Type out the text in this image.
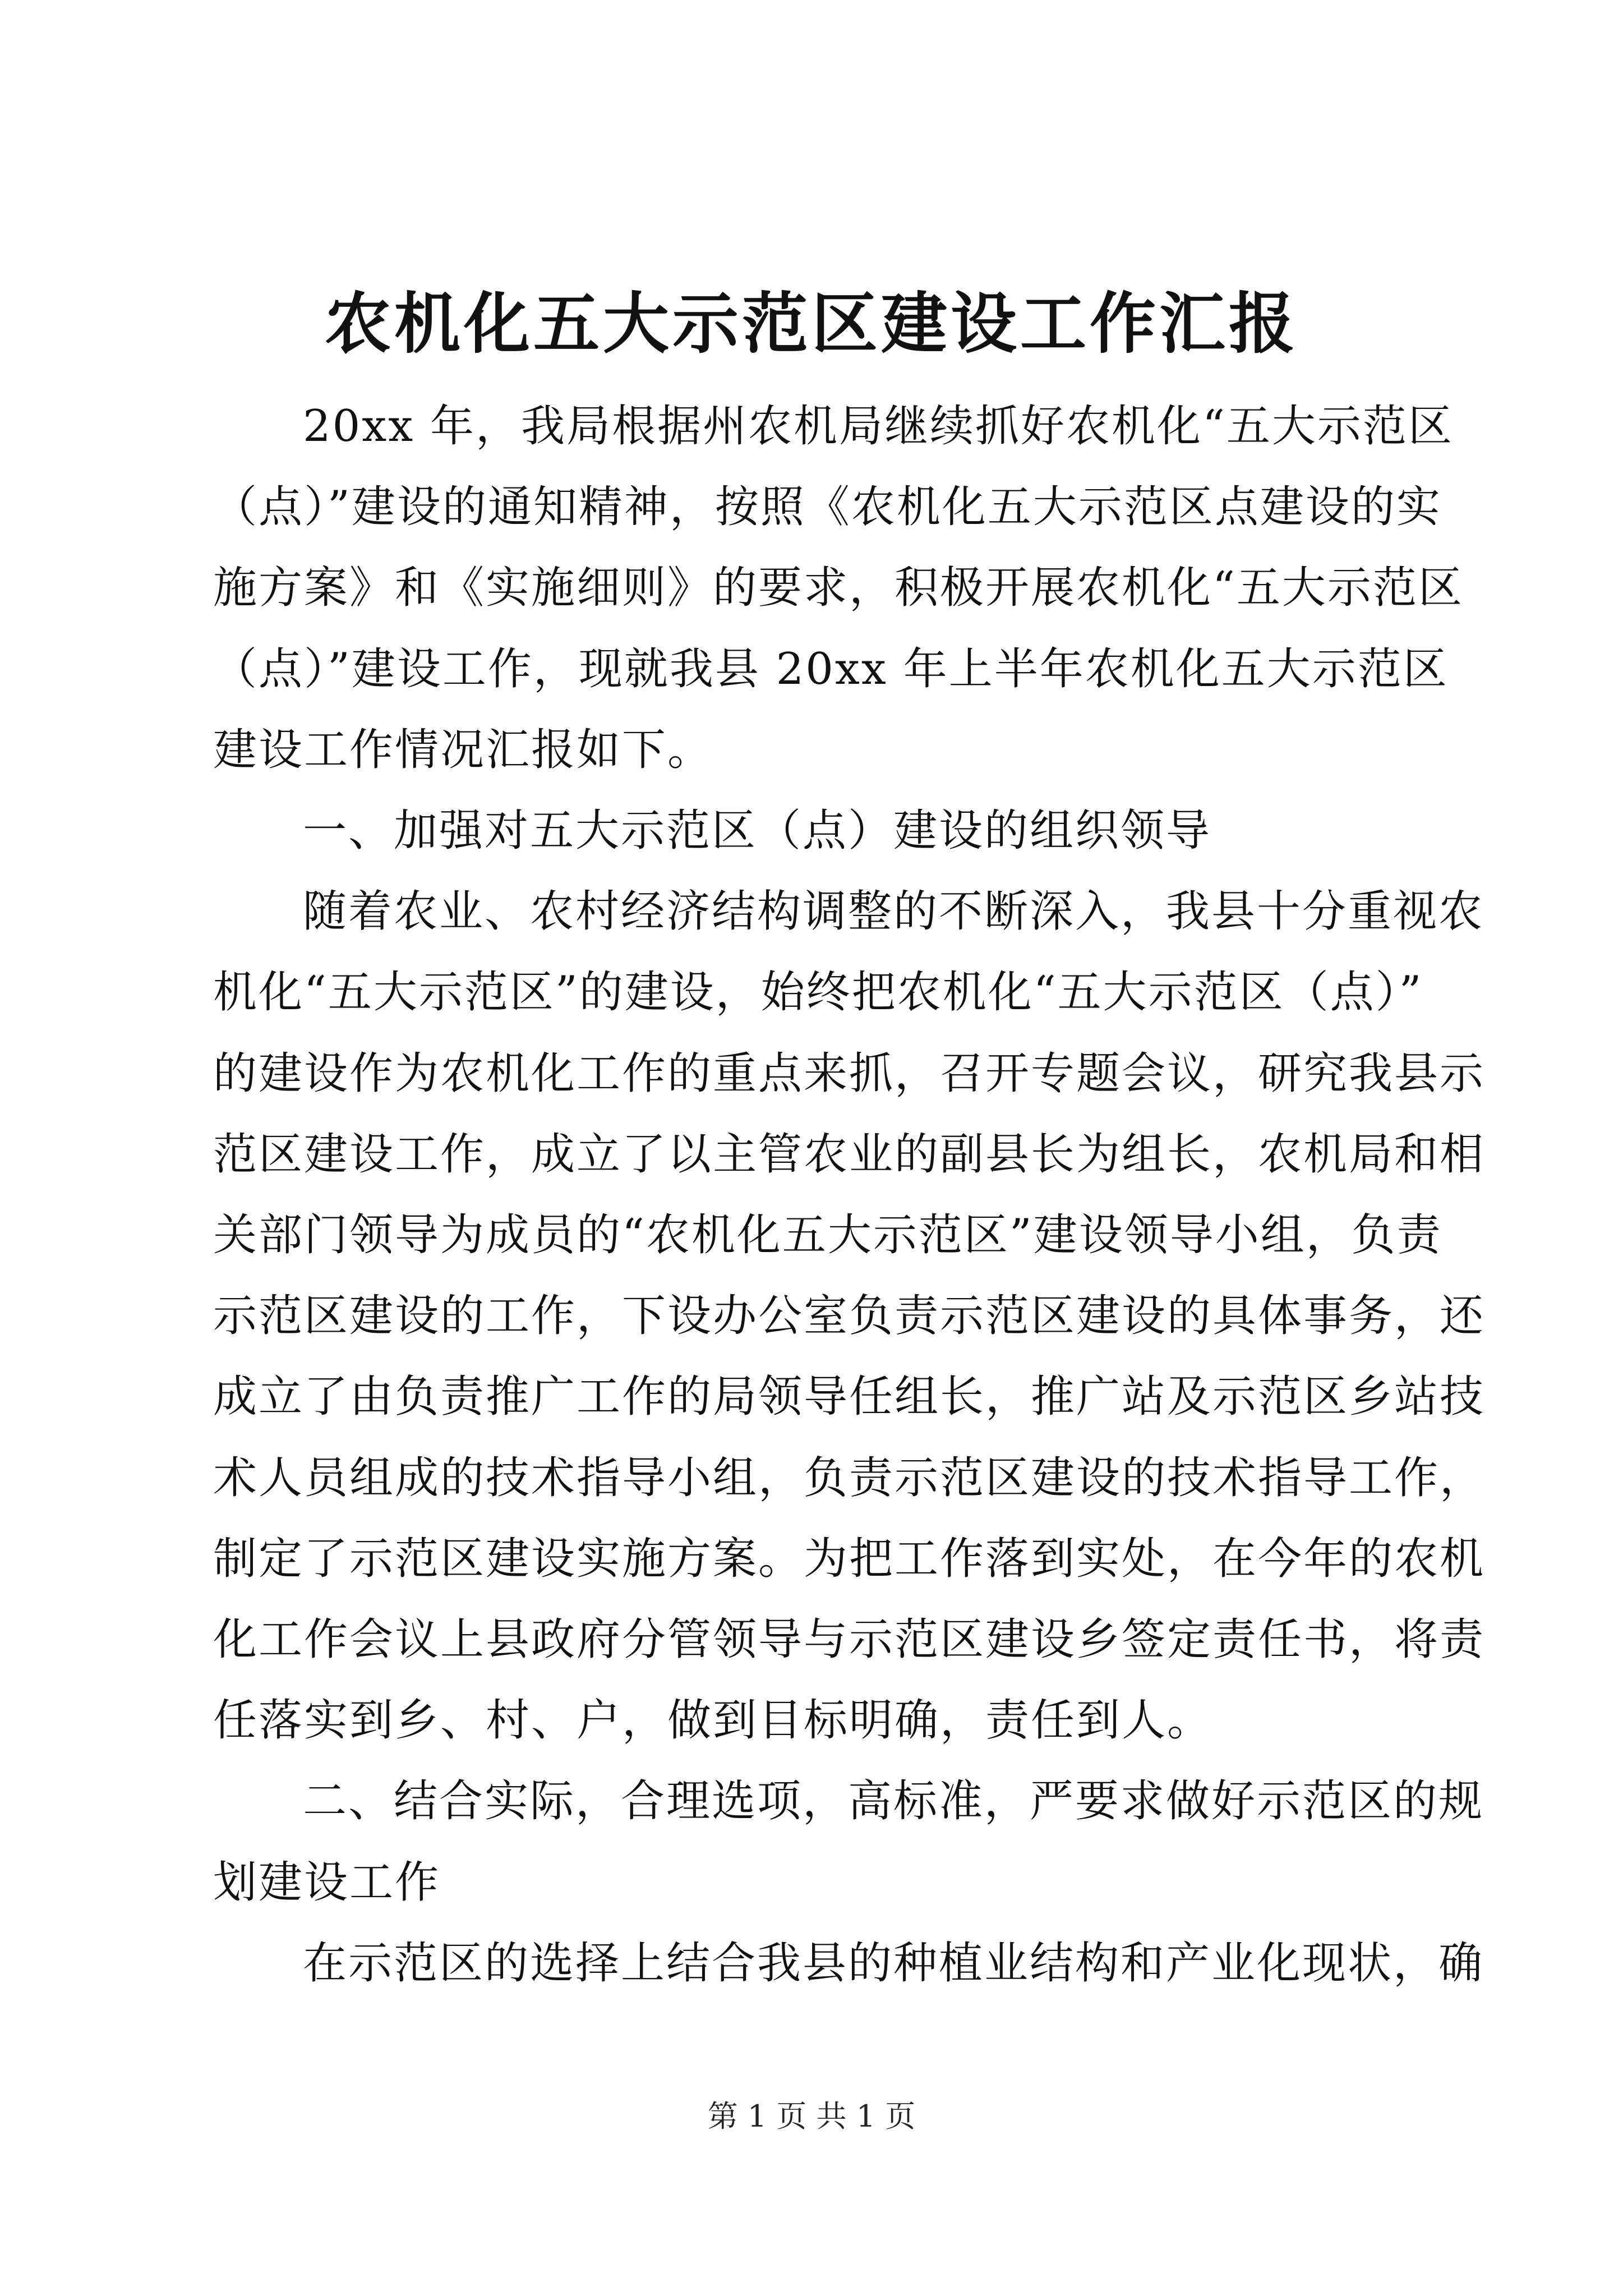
农机化五大示范区建设工作汇报

20xx 年，我局根据州农机局继续抓好农机化“五大示范区
（点）”建设的通知精神，按照《农机化五大示范区点建设的实
施方案》和《实施细则》的要求，积极开展农机化“五大示范区
（点）”建设工作，现就我县 20xx 年上半年农机化五大示范区
建设工作情况汇报如下。

一、加强对五大示范区（点）建设的组织领导

随着农业、农村经济结构调整的不断深入，我县十分重视农
机化“五大示范区”的建设，始终把农机化“五大示范区（点）”
的建设作为农机化工作的重点来抓，召开专题会议，研究我县示
范区建设工作，成立了以主管农业的副县长为组长，农机局和相
关部门领导为成员的“农机化五大示范区”建设领导小组，负责
示范区建设的工作，下设办公室负责示范区建设的具体事务，还
成立了由负责推广工作的局领导任组长，推广站及示范区乡站技
术人员组成的技术指导小组，负责示范区建设的技术指导工作，
制定了示范区建设实施方案。为把工作落到实处，在今年的农机
化工作会议上县政府分管领导与示范区建设乡签定责任书，将责
任落实到乡、村、户，做到目标明确，责任到人。

二、结合实际，合理选项，高标准，严要求做好示范区的规
划建设工作

在示范区的选择上结合我县的种植业结构和产业化现状，确

第 1 页 共 1 页
